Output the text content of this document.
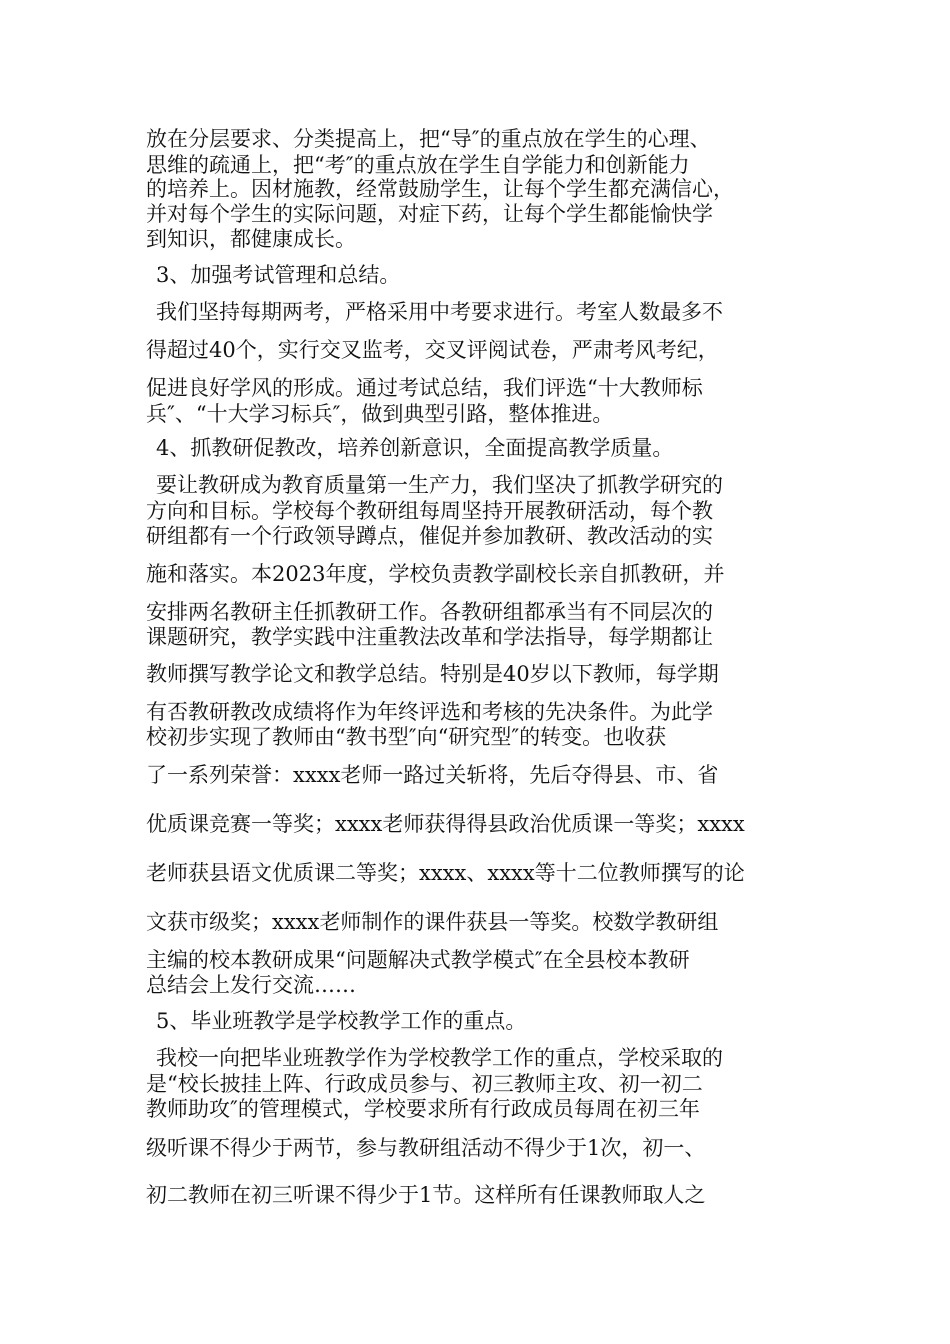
放在分层要求、分类提高上，把“导″的重点放在学生的心理、
思维的疏通上，把“考″的重点放在学生自学能力和创新能力
的培养上。因材施教，经常鼓励学生，让每个学生都充满信心，
并对每个学生的实际问题，对症下药，让每个学生都能愉快学
到知识，都健康成长。
3、加强考试管理和总结。
我们坚持每期两考，严格采用中考要求进行。考室人数最多不
得超过40个，实行交叉监考，交叉评阅试卷，严肃考风考纪，
促进良好学风的形成。通过考试总结，我们评选“十大教师标
兵″、“十大学习标兵″，做到典型引路，整体推进。
4、抓教研促教改，培养创新意识，全面提高教学质量。
要让教研成为教育质量第一生产力，我们坚决了抓教学研究的
方向和目标。学校每个教研组每周坚持开展教研活动，每个教
研组都有一个行政领导蹲点，催促并参加教研、教改活动的实
施和落实。本2023年度，学校负责教学副校长亲自抓教研，并
安排两名教研主任抓教研工作。各教研组都承当有不同层次的
课题研究，教学实践中注重教法改革和学法指导，每学期都让
教师撰写教学论文和教学总结。特别是40岁以下教师，每学期
有否教研教改成绩将作为年终评选和考核的先决条件。为此学
校初步实现了教师由“教书型″向“研究型″的转变。也收获
了一系列荣誉：xxxx老师一路过关斩将，先后夺得县、市、省
优质课竞赛一等奖；xxxx老师获得得县政治优质课一等奖；xxxx
老师获县语文优质课二等奖；xxxx、xxxx等十二位教师撰写的论
文获市级奖；xxxx老师制作的课件获县一等奖。校数学教研组
主编的校本教研成果“问题解决式教学模式″在全县校本教研
总结会上发行交流……
5、毕业班教学是学校教学工作的重点。
我校一向把毕业班教学作为学校教学工作的重点，学校采取的
是“校长披挂上阵、行政成员参与、初三教师主攻、初一初二
教师助攻″的管理模式，学校要求所有行政成员每周在初三年
级听课不得少于两节，参与教研组活动不得少于1次，初一、
初二教师在初三听课不得少于1节。这样所有任课教师取人之
